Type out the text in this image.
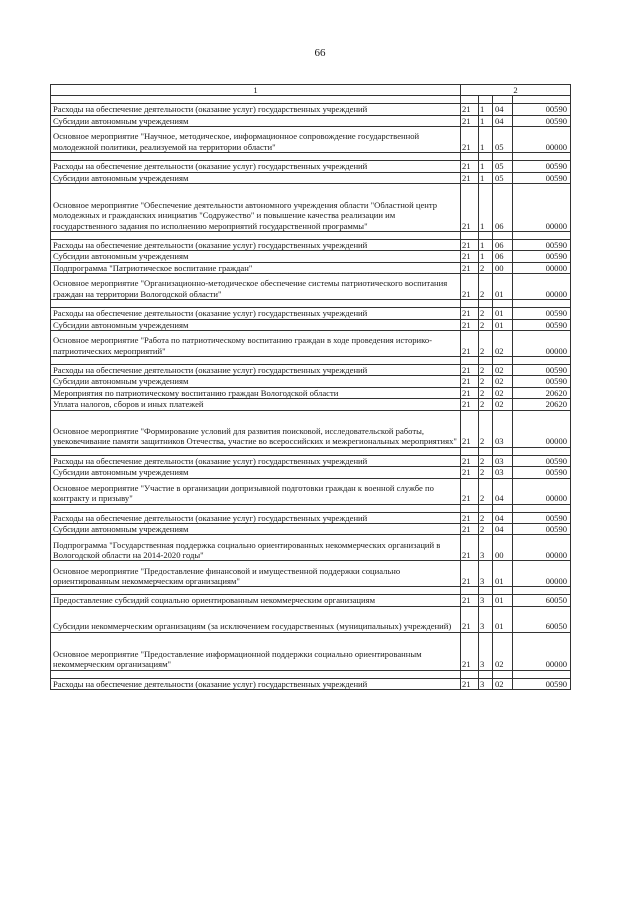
66
1	2			

Расходы на обеспечение деятельности (оказание услуг) государственных учреждений	21	1	04	00590
Субсидии автономным учреждениям	21	1	04	00590
Основное мероприятие "Научное, методическое, информационное сопровождение государственной молодежной политики, реализуемой на территории области"	21	1	05	00000

Расходы на обеспечение деятельности (оказание услуг) государственных учреждений	21	1	05	00590
Субсидии автономным учреждениям	21	1	05	00590
Основное мероприятие "Обеспечение деятельности автономного учреждения области "Областной центр молодежных и гражданских инициатив "Содружество" и повышение качества реализации им государственного задания по исполнению мероприятий государственной программы"	21	1	06	00000

Расходы на обеспечение деятельности (оказание услуг) государственных учреждений	21	1	06	00590
Субсидии автономным учреждениям	21	1	06	00590
Подпрограмма "Патриотическое воспитание граждан"	21	2	00	00000
Основное мероприятие "Организационно-методическое обеспечение системы патриотического воспитания граждан на территории Вологодской области"	21	2	01	00000

Расходы на обеспечение деятельности (оказание услуг) государственных учреждений	21	2	01	00590
Субсидии автономным учреждениям	21	2	01	00590
Основное мероприятие "Работа по патриотическому воспитанию граждан в ходе проведения историко-патриотических мероприятий"	21	2	02	00000

Расходы на обеспечение деятельности (оказание услуг) государственных учреждений	21	2	02	00590
Субсидии автономным учреждениям	21	2	02	00590
Мероприятия по патриотическому воспитанию граждан Вологодской области	21	2	02	20620
Уплата налогов, сборов и иных платежей	21	2	02	20620
Основное мероприятие "Формирование условий для развития поисковой, исследовательской работы, увековечивание памяти защитников Отечества, участие во всероссийских и межрегиональных мероприятиях"	21	2	03	00000

Расходы на обеспечение деятельности (оказание услуг) государственных учреждений	21	2	03	00590
Субсидии автономным учреждениям	21	2	03	00590
Основное мероприятие "Участие в организации допризывной подготовки граждан к военной службе по контракту и призыву"	21	2	04	00000

Расходы на обеспечение деятельности (оказание услуг) государственных учреждений	21	2	04	00590
Субсидии автономным учреждениям	21	2	04	00590
Подпрограмма "Государственная поддержка социально ориентированных некоммерческих организаций в Вологодской области на 2014-2020 годы"	21	3	00	00000
Основное мероприятие "Предоставление финансовой и имущественной поддержки социально ориентированным некоммерческим организациям"	21	3	01	00000

Предоставление субсидий социально ориентированным некоммерческим организациям	21	3	01	60050
Субсидии некоммерческим организациям (за исключением государственных (муниципальных) учреждений)	21	3	01	60050
Основное мероприятие "Предоставление информационной поддержки социально ориентированным некоммерческим организациям"	21	3	02	00000

Расходы на обеспечение деятельности (оказание услуг) государственных учреждений	21	3	02	00590
